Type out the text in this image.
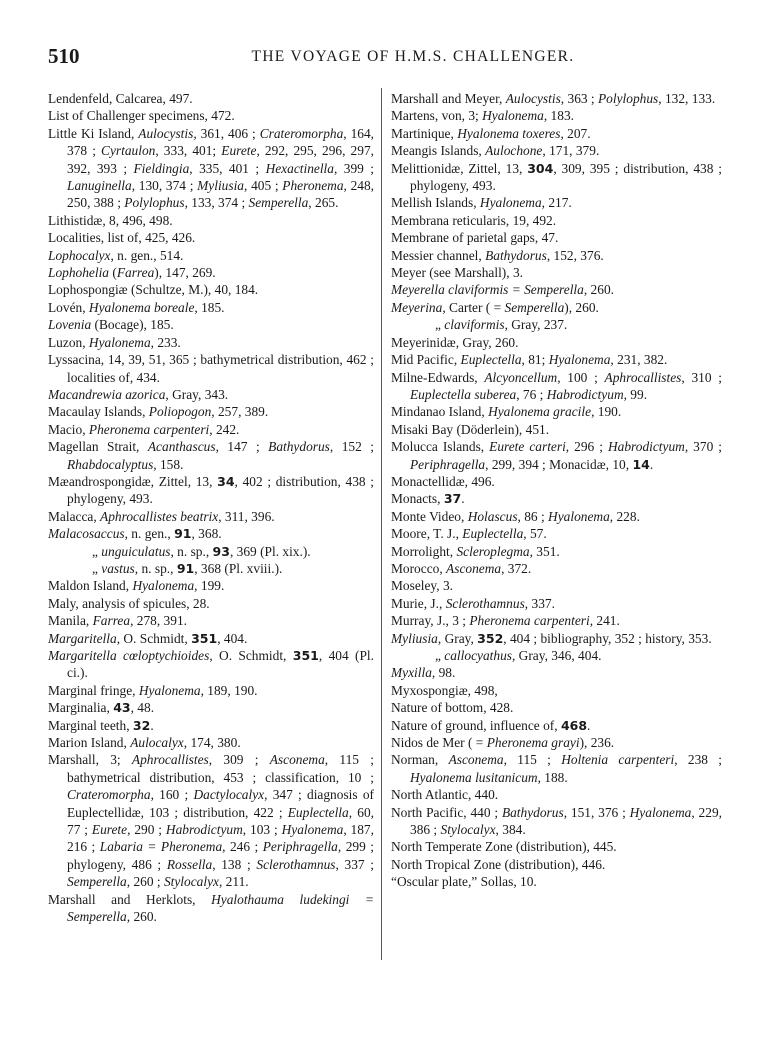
510	THE VOYAGE OF H.M.S. CHALLENGER.

Lendenfeld, Calcarea, 497.

List of Challenger specimens, 472.

Little Ki Island, Aulocystis, 361, 406 ; Crateromorpha, 164, 378 ; Cyrtaulon, 333, 401; Eurete, 292, 295, 296, 297, 392, 393 ; Fieldingia, 335, 401 ; Hexactinella, 399 ; Lanuginella, 130, 374 ; Myliusia, 405 ; Pheronema, 248, 250, 388 ; Polylophus, 133, 374 ; Semperella, 265.

Lithistidæ, 8, 496, 498.

Localities, list of, 425, 426.

Lophocalyx, n. gen., 514.

Lophohelia (Farrea), 147, 269.

Lophospongiæ (Schultze, M.), 40, 184.

Lovén, Hyalonema boreale, 185.

Lovenia (Bocage), 185.

Luzon, Hyalonema, 233.

Lyssacina, 14, 39, 51, 365 ; bathymetrical distribution, 462 ; localities of, 434.

Macandrewia azorica, Gray, 343.

Macaulay Islands, Poliopogon, 257, 389.

Macio, Pheronema carpenteri, 242.

Magellan Strait, Acanthascus, 147 ; Bathydorus, 152 ; Rhabdocalyptus, 158.

Mæandrospongidæ, Zittel, 13, 34, 402 ; distribution, 438 ; phylogeny, 493.

Malacca, Aphrocallistes beatrix, 311, 396.

Malacosaccus, n. gen., 91, 368.

„ unguiculatus, n. sp., 93, 369 (Pl. xix.).

„ vastus, n. sp., 91, 368 (Pl. xviii.).

Maldon Island, Hyalonema, 199.

Maly, analysis of spicules, 28.

Manila, Farrea, 278, 391.

Margaritella, O. Schmidt, 351, 404.

Margaritella cœloptychioides, O. Schmidt, 351, 404 (Pl. ci.).

Marginal fringe, Hyalonema, 189, 190.

Marginalia, 43, 48.

Marginal teeth, 32.

Marion Island, Aulocalyx, 174, 380.

Marshall, 3; Aphrocallistes, 309 ; Asconema, 115 ; bathymetrical distribution, 453 ; classification, 10 ; Crateromorpha, 160 ; Dactylocalyx, 347 ; diagnosis of Euplectellidæ, 103 ; distribution, 422 ; Euplectella, 60, 77 ; Eurete, 290 ; Habrodictyum, 103 ; Hyalonema, 187, 216 ; Labaria = Pheronema, 246 ; Periphragella, 299 ; phylogeny, 486 ; Rossella, 138 ; Sclerothamnus, 337 ; Semperella, 260 ; Stylocalyx, 211.

Marshall and Herklots, Hyalothauma ludekingi = Semperella, 260.

Marshall and Meyer, Aulocystis, 363 ; Polylophus, 132, 133.

Martens, von, 3; Hyalonema, 183.

Martinique, Hyalonema toxeres, 207.

Meangis Islands, Aulochone, 171, 379.

Melittionidæ, Zittel, 13, 304, 309, 395 ; distribution, 438 ; phylogeny, 493.

Mellish Islands, Hyalonema, 217.

Membrana reticularis, 19, 492.

Membrane of parietal gaps, 47.

Messier channel, Bathydorus, 152, 376.

Meyer (see Marshall), 3.

Meyerella claviformis = Semperella, 260.

Meyerina, Carter ( = Semperella), 260.

„ claviformis, Gray, 237.

Meyerinidæ, Gray, 260.

Mid Pacific, Euplectella, 81; Hyalonema, 231, 382.

Milne-Edwards, Alcyoncellum, 100 ; Aphrocallistes, 310 ; Euplectella suberea, 76 ; Habrodictyum, 99.

Mindanao Island, Hyalonema gracile, 190.

Misaki Bay (Döderlein), 451.

Molucca Islands, Eurete carteri, 296 ; Habrodictyum, 370 ; Periphragella, 299, 394 ; Monacidæ, 10, 14.

Monactellidæ, 496.

Monacts, 37.

Monte Video, Holascus, 86 ; Hyalonema, 228.

Moore, T. J., Euplectella, 57.

Morrolight, Scleroplegma, 351.

Morocco, Asconema, 372.

Moseley, 3.

Murie, J., Sclerothamnus, 337.

Murray, J., 3 ; Pheronema carpenteri, 241.

Myliusia, Gray, 352, 404 ; bibliography, 352 ; history, 353.

„ callocyathus, Gray, 346, 404.

Myxilla, 98.

Myxospongiæ, 498,

Nature of bottom, 428.

Nature of ground, influence of, 468.

Nidos de Mer ( = Pheronema grayi), 236.

Norman, Asconema, 115 ; Holtenia carpenteri, 238 ; Hyalonema lusitanicum, 188.

North Atlantic, 440.

North Pacific, 440 ; Bathydorus, 151, 376 ; Hyalonema, 229, 386 ; Stylocalyx, 384.

North Temperate Zone (distribution), 445.

North Tropical Zone (distribution), 446.

“Oscular plate,” Sollas, 10.
